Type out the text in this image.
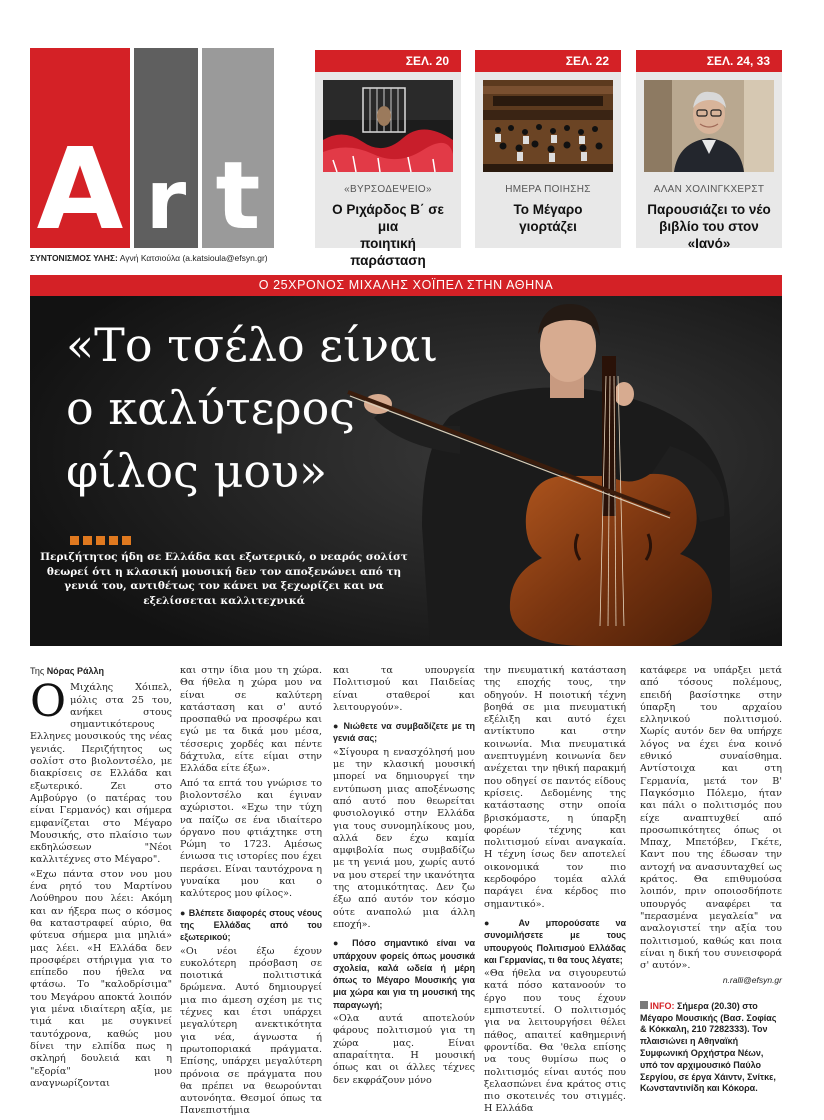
A r t
ΣΥΝΤΟΝΙΣΜΟΣ ΥΛΗΣ: Αγνή Κατσιούλα (a.katsioula@efsyn.gr)
ΣΕΛ. 20
«ΒΥΡΣΟΔΕΨΕΙΟ»
Ο Ριχάρδος Β΄ σε μια
ποιητική παράσταση
ΣΕΛ. 22
ΗΜΕΡΑ ΠΟΙΗΣΗΣ
Το Μέγαρο
γιορτάζει
ΣΕΛ. 24, 33
ΑΛΑΝ ΧΟΛΙΝΓΚΧΕΡΣΤ
Παρουσιάζει το νέο
βιβλίο του στον «Ιανό»
Ο 25ΧΡΟΝΟΣ ΜΙΧΑΛΗΣ ΧΟΪΠΕΛ ΣΤΗΝ ΑΘΗΝΑ
«Το τσέλο είναι
ο καλύτερος
φίλος μου»
Περιζήτητος ήδη σε Ελλάδα και εξωτερικό, ο νεαρός σολίστ θεωρεί ότι η κλασική μουσική δεν τον αποξενώνει από τη γενιά του, αντιθέτως τον κάνει να ξεχωρίζει και να εξελίσσεται καλλιτεχνικά
Της Νόρας Ράλλη
Ο Μιχάλης Χόιπελ, μόλις στα 25 του, ανήκει στους σημαντικότερους Ελληνες μουσικούς της νέας γενιάς. Περιζήτητος ως σολίστ στο βιολοντσέλο, με διακρίσεις σε Ελλάδα και εξωτερικό. Ζει στο Αμβούργο (ο πατέρας του είναι Γερμανός) και σήμερα εμφανίζεται στο Μέγαρο Μουσικής, στο πλαίσιο των εκδηλώσεων "Νέοι καλλιτέχνες στο Μέγαρο".

«Εχω πάντα στον νου μου ένα ρητό του Μαρτίνου Λούθηρου που λέει: Ακόμη και αν ήξερα πως ο κόσμος θα καταστραφεί αύριο, θα φύτευα σήμερα μια μηλιά» μας λέει. «Η Ελλάδα δεν προσφέρει στήριγμα για το επίπεδο που ήθελα να φτάσω. Το "καλοδρίσιμα" του Μεγάρου αποκτά λοιπόν για μένα ιδιαίτερη αξία, με τιμά και με συγκινεί ταυτόχρονα, καθώς μου δίνει την ελπίδα πως η σκληρή δουλειά και η "εξορία" μου αναγνωρίζονται

και στην ίδια μου τη χώρα. Θα ήθελα η χώρα μου να είναι σε καλύτερη κατάσταση και σ' αυτό προσπαθώ να προσφέρω και εγώ με τα δικά μου μέσα, τέσσερις χορδές και πέντε δάχτυλα, είτε είμαι στην Ελλάδα είτε έξω».

Από τα επτά του γνώρισε το βιολοντσέλο και έγιναν αχώριστοι. «Εχω την τύχη να παίζω σε ένα ιδιαίτερο όργανο που φτιάχτηκε στη Ρώμη το 1723. Αμέσως ένιωσα τις ιστορίες που έχει περάσει. Είναι ταυτόχρονα η γυναίκα μου και ο καλύτερος μου φίλος».

● Βλέπετε διαφορές στους νέους της Ελλάδας από του εξωτερικού;

«Οι νέοι έξω έχουν ευκολότερη πρόσβαση σε ποιοτικά πολιτιστικά δρώμενα. Αυτό δημιουργεί μια πιο άμεση σχέση με τις τέχνες και έτσι υπάρχει μεγαλύτερη ανεκτικότητα για νέα, άγνωστα ή πρωτοποριακά πράγματα. Επίσης, υπάρχει μεγαλύτερη πρόνοια σε πράγματα που θα πρέπει να θεωρούνται αυτονόητα. Θεσμοί όπως τα Πανεπιστήμια

και τα υπουργεία Πολιτισμού και Παιδείας είναι σταθεροί και λειτουργούν».

● Νιώθετε να συμβαδίζετε με τη γενιά σας;

«Σίγουρα η ενασχόλησή μου με την κλασική μουσική μπορεί να δημιουργεί την εντύπωση μιας αποξένωσης από αυτό που θεωρείται φυσιολογικό στην Ελλάδα για τους συνομηλίκους μου, αλλά δεν έχω καμία αμφιβολία πως συμβαδίζω με τη γενιά μου, χωρίς αυτό να μου στερεί την ικανότητα της ατομικότητας. Δεν ζω έξω από αυτόν τον κόσμο ούτε αναπολώ μια άλλη εποχή».

● Πόσο σημαντικό είναι να υπάρχουν φορείς όπως μουσικά σχολεία, καλά ωδεία ή μέρη όπως το Μέγαρο Μουσικής για μια χώρα και για τη μουσική της παραγωγή;

«Ολα αυτά αποτελούν φάρους πολιτισμού για τη χώρα μας. Είναι απαραίτητα. Η μουσική όπως και οι άλλες τέχνες δεν εκφράζουν μόνο

την πνευματική κατάσταση της εποχής τους, την οδηγούν. Η ποιοτική τέχνη βοηθά σε μια πνευματική εξέλιξη και αυτό έχει αντίκτυπο και στην κοινωνία. Μια πνευματικά ανεπτυγμένη κοινωνία δεν ανέχεται την ηθική παρακμή που οδηγεί σε παντός είδους κρίσεις. Δεδομένης της κατάστασης στην οποία βρισκόμαστε, η ύπαρξη φορέων τέχνης και πολιτισμού είναι αναγκαία. Η τέχνη ίσως δεν αποτελεί οικονομικά τον πιο κερδοφόρο τομέα αλλά παράγει ένα κέρδος πιο σημαντικό».

● Αν μπορούσατε να συνομιλήσετε με τους υπουργούς Πολιτισμού Ελλάδας και Γερμανίας, τι θα τους λέγατε;

«Θα ήθελα να σιγουρευτώ κατά πόσο κατανοούν το έργο που τους έχουν εμπιστευτεί. Ο πολιτισμός για να λειτουργήσει θέλει πάθος, απαιτεί καθημερινή φροντίδα. Θα 'θελα επίσης να τους θυμίσω πως ο πολιτισμός είναι αυτός που ξελασπώνει ένα κράτος στις πιο σκοτεινές του στιγμές. Η Ελλάδα

κατάφερε να υπάρξει μετά από τόσους πολέμους, επειδή βασίστηκε στην ύπαρξη του αρχαίου ελληνικού πολιτισμού. Χωρίς αυτόν δεν θα υπήρχε λόγος να έχει ένα κοινό εθνικό συναίσθημα. Αντίστοιχα και στη Γερμανία, μετά τον Β' Παγκόσμιο Πόλεμο, ήταν και πάλι ο πολιτισμός που είχε αναπτυχθεί από προσωπικότητες όπως οι Μπαχ, Μπετόβεν, Γκέτε, Καντ που της έδωσαν την αντοχή να ανασυνταχθεί ως κράτος. Θα επιθυμούσα λοιπόν, πριν οποιοσδήποτε υπουργός αναφέρει τα "περασμένα μεγαλεία" να αναλογιστεί την αξία του πολιτισμού, καθώς και ποια είναι η δική του συνεισφορά σ' αυτόν».

n.ralli@efsyn.gr
INFO: Σήμερα (20.30) στο Μέγαρο Μουσικής (Βασ. Σοφίας & Κόκκαλη, 210 7282333). Τον πλαισιώνει η Αθηναϊκή Συμφωνική Ορχήστρα Νέων, υπό τον αρχιμουσικό Παύλο Σεργίου, σε έργα Χάιντν, Σνίτκε, Κωνσταντινίδη και Κόκορα.
